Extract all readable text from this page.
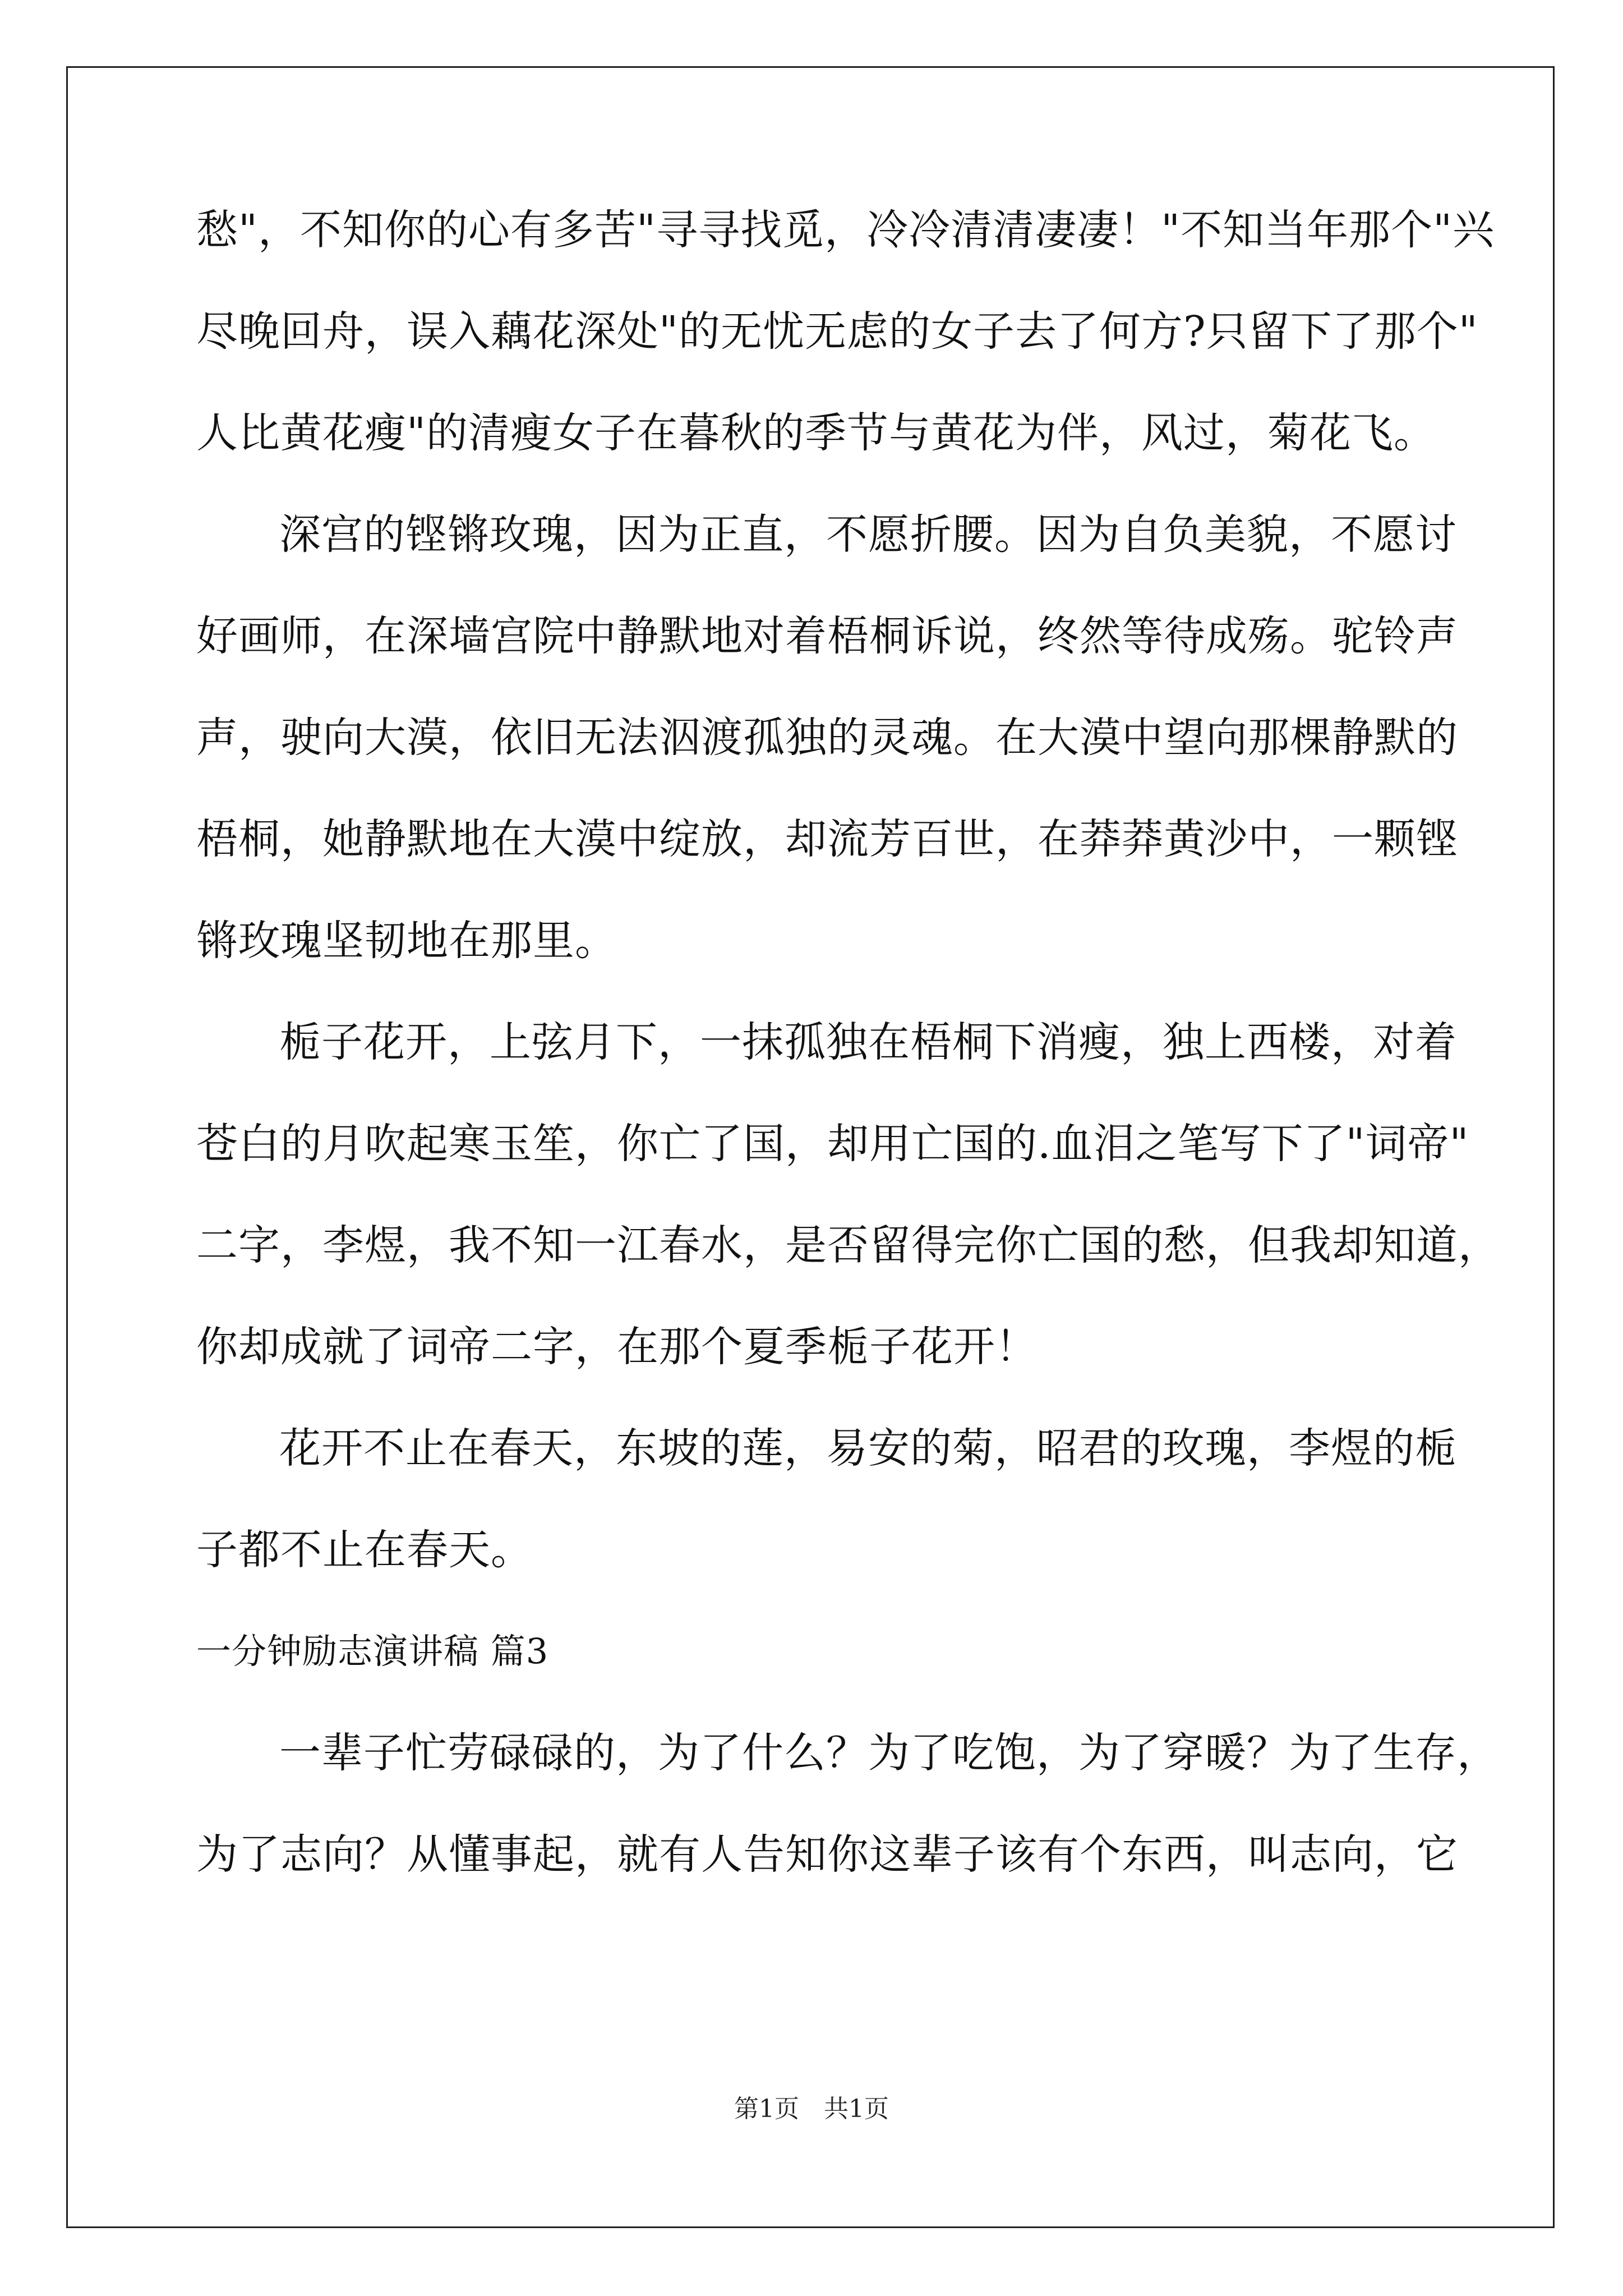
愁"，不知你的心有多苦"寻寻找觅，冷冷清清凄凄！"不知当年那个"兴
尽晚回舟，误入藕花深处"的无忧无虑的女子去了何方?只留下了那个"
人比黄花瘦"的清瘦女子在暮秋的季节与黄花为伴，风过，菊花飞。
深宫的铿锵玫瑰，因为正直，不愿折腰。因为自负美貌，不愿讨
好画师，在深墙宫院中静默地对着梧桐诉说，终然等待成殇。驼铃声
声，驶向大漠，依旧无法泅渡孤独的灵魂。在大漠中望向那棵静默的
梧桐，她静默地在大漠中绽放，却流芳百世，在莽莽黄沙中，一颗铿
锵玫瑰坚韧地在那里。
栀子花开，上弦月下，一抹孤独在梧桐下消瘦，独上西楼，对着
苍白的月吹起寒玉笙，你亡了国，却用亡国的.血泪之笔写下了"词帝"
二字，李煜，我不知一江春水，是否留得完你亡国的愁，但我却知道，
你却成就了词帝二字，在那个夏季栀子花开！
花开不止在春天，东坡的莲，易安的菊，昭君的玫瑰，李煜的栀
子都不止在春天。
一分钟励志演讲稿 篇3
一辈子忙劳碌碌的，为了什么？为了吃饱，为了穿暖？为了生存，
为了志向？从懂事起，就有人告知你这辈子该有个东西，叫志向，它
第1页　共1页
